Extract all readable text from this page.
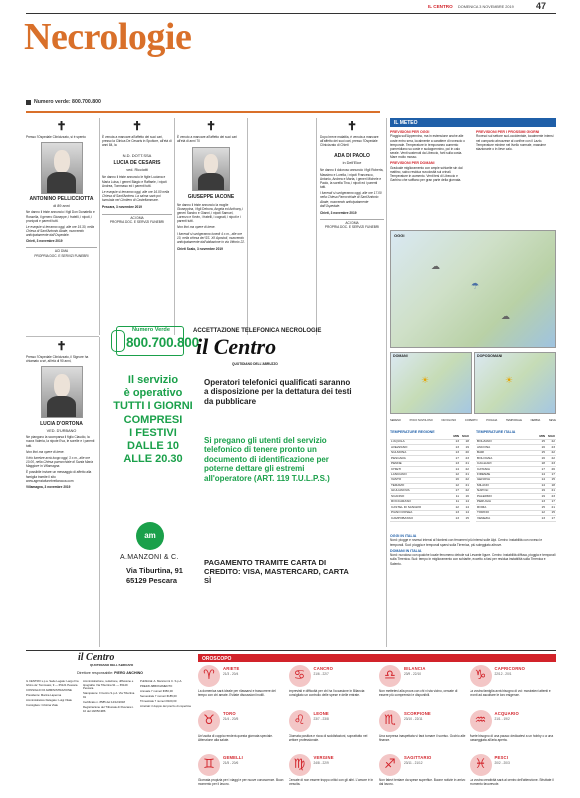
IL CENTRO DOMENICA 3 NOVEMBRE 2019 47
Necrologie
Numero verde: 800.700.800
✝
Presso l'Ospedale Clinicizzato, si è spento
ANTONINO PELLICCIOTTA
di 89 anni
Ne danno il triste annuncio i figli Don Donatello e Rossella, il genero Giuseppe, i fratelli, i nipoti, i pronipoti e parenti tutti.
Le esequie si terranno oggi, alle ore 15.30, nella Chiesa di Sant'Antonio Abate, muovendo anticipatamente dall'Ospedale.
Chieti, 3 novembre 2019
ACI DMA
PROPRIA DOC. E SERVIZI FUNEBRI
✝
È venuta a mancare all'affetto dei suoi cari, presso la Clinica De Cesaris in Spoltore, all'età di anni 84, la
N.D. DOTT.SSA
LUCIA DE CESARIS
ved. Ricciotti
Ne danno il triste annuncio le figlie Luciana e Maria Luisa, i generi Biagio e Raffaele, i nipoti Andrea, Tommaso ed i parenti tutti.
Le esequie si terranno oggi, alle ore 16.00 nella Chiesa di Sant'Andrea. La salma sarà poi tumulata nel Cimitero di Castellammare.
Pescara, 3 novembre 2019
ACI DMA
PROPRIA DOC. E SERVIZI FUNEBRI
✝
È venuto a mancare all'affetto dei suoi cari all'età di anni 70
GIUSEPPE IACONE
Ne danno il triste annuncio la moglie Giuseppina, i figli Debora, Angela ed Anthony, i generi Sandro e Gianni, i nipoti Samuel, Lorenzo e Kevin, i fratelli, i cognati, i nipoti e i parenti tutti.
Non fiori ma opere di bene.
I funerali si svolgeranno lunedì 4 c.m., alle ore 10, nella chiesa dei SS. XII Apostoli, muovendo anticipatamente dall'abitazione in via Vittorio 22.
Chieti Scalo, 3 novembre 2019
✝
Dopo breve malattia, è venuta a mancare all'affetto dei suoi cari, presso l'Ospedale Clinicizzato di Chieti
ADA DI PAOLO
in Dell'Elce
Ne danno il doloroso annuncio i figli Roberta, Massimo e Lorella, i nipoti Francesco, Antonio, Andrea e Marta, i generi Michele e Paolo, la sorella Tina, i nipoti ed i parenti tutti.
I funerali si svolgeranno oggi, alle ore 17.00 nella Chiesa Parrocchiale di Sant'Antonio Abate, muovendo anticipatamente dall'Ospedale.
Chieti, 3 novembre 2019
ACI DMA
PROPRIA DOC. E SERVIZI FUNEBRI
✝
Presso l'Ospedale Clinicizzato, il Signore ha chiamato a sé, all'età di 90 anni,
LUCIA D'ORTONA
VED. D'URBANO
Ne piangono la scomparsa il figlio Claudio, la nuora Valeria, la nipote Eva, le sorelle e i parenti tutti.
Non fiori ma opere di bene.
Il trio funebre avrà luogo oggi, 3 c.m., alle ore 10.00, nella Chiesa parrocchiale di Santa Maria Maggiore in Villamagna.
È possibile inviare un messaggio di affetto alla famiglia tramite il sito www.agenziafunebreilarocca.com
Villamagna, 3 novembre 2019
Numero Verde
800.700.800
ACCETTAZIONE TELEFONICA NECROLOGIE
il Centro
QUOTIDIANO DELL'ABRUZZO
Il servizio
è operativo
TUTTI I GIORNI
COMPRESI
I FESTIVI
DALLE 10
ALLE 20.30
Operatori telefonici qualificati saranno a disposizione per la dettatura dei testi da pubblicare
Si pregano gli utenti del servizio telefonico di tenere pronto un documento di identificazione per poterne dettare gli estremi all'operatore (ART. 119 T.U.L.P.S.)
am
A.MANZONI & C.
Via Tiburtina, 91
65129 Pescara
PAGAMENTO TRAMITE CARTA DI CREDITO: VISA, MASTERCARD, CARTA SÌ
IL METEO
PREVISIONI PER OGGI
Pioggia sull'Appennino, ma in estensione anche alle coste entro sera, localmente a carattere di rovescio o temporale. Temperature in temporaneo aumento pomeridiano su coste e sudappennino, poi in calo serale. Venti sostenuti da Libeccio, forti sulla costa. Mare molto mosso.
PREVISIONI PER DOMANI
Graduale miglioramento con ampie schiarite sin dal mattino, salvo residua nuvolosità sui crinali. Temperature in aumento. Venti tesi di Libeccio e Garbino che soffiano per gran parte della giornata.
PREVISIONI PER I PROSSIMI GIORNI
Rovesci sul settore sud-occidentale, localmente intensi nel comparto abruzzese al confine con il Lazio. Temperature minime nel livello normale, massime stazionarie o in lieve calo.
OGGI
☁
☂
☁
DOMANI
☀
DOPODOMANI
☀
SERENO	POCO NUVOLOSO	NUVOLOSO	COPERTO	PIOGGIA	TEMPORALE	NEBBIA	NEVE
TEMPERATURE REGIONE
	MIN	MAX
L'AQUILA	13	18
AVEZZANO	13	19
SULMONA	13	20
PESCARA	17	23
PENNE	13	21
CHIETI	14	22
LANCIANO	12	21
VASTO	16	22
TERAMO	12	21
GIULIANOVA	17	22
SCANNO	11	16
ROCCARASO	11	14
CASTEL DI SANGRO	12	14
PIANO ROSEA	13	14
CAMPOBASSO	13	15
TEMPERATURE ITALIA
	MIN	MAX
BOLZANO	15	22
ANCONA	16	23
BARI	15	22
BOLOGNA	16	22
CAGLIARI	18	23
CATANIA	17	26
FIRENZE	14	17
GENOVA	14	15
MILANO	14	18
NAPOLI	19	21
PALERMO	19	23
PERUGIA	13	17
ROMA	15	21
TORINO	12	15
VENEZIA	13	17
OGGI IN ITALIA
Nord: piogge e rovesci intensi al Nordest con fenomeni più intensi sulle Alpi. Centro: instabilità con rovesci e temporali. Sud: pioggia e temporali sparsi sulla Tirrenica, più soleggiato altrove.
DOMANI IN ITALIA
Nord: nuvoloso con qualche locale fenomeno debole sul Levante ligure. Centro: instabilità diffusa, pioggia e temporali sulla Tirrenica. Sud: tempo in miglioramento con schiarite, eccetto a fasi per residua instabilità sulla Tirrenica e Salento.
il Centro
QUOTIDIANO DELL'ABRUZZO
Direttore responsabile: PIERO ANCHINO
IL CENTRO s.p.a. Sede Legale: Largo Fra Ghino de' Tommassi, 9 — 65121 Pescara
CONSIGLIO DI AMMINISTRAZIONE
Presidente: Marina Lapenna
Amministratore Delegato: Luigi Vitale
Consigliere: Cristina Viale
Amministrazione, redazione, diffusione e tipografia: Via Tiburtina 91 — 65129 Pescara
Stampatore: Il Centro S.p.A. Via Tiburtina 91
Certificato n. 8585 del 14/12/2018
Registrazione del Tribunale di Pescara n. 10 del 19/05/1986
Pubblicità: A. Manzoni & C. S.p.A.
PREZZI ABBONAMENTO
Annuale 7 numeri €350,00
Semestrale 7 numeri €185,00
Trimestrale 7 numeri €100,00
Arretrati: il doppio del prezzo di copertina
OROSCOPO
♈	ARIETE
21/3 - 20/4
La domenica sarà ideale per rilassarsi e trascorrere del tempo con chi amate. Evitate discussioni inutili.
♋	CANCRO
21/6 - 22/7
Imprevisti e difficoltà per chi ha l'occasione in Bilancia: consigliato un controllo delle spese e delle entrate.
♎	BILANCIA
23/9 - 22/10
Non mettetevi alla prova con chi vi sta vicino, cercate di essere più comprensivi e disponibili.
♑	CAPRICORNO
22/12 - 20/1
La vostra famiglia avrà bisogno di voi: mostratevi attenti e pronti ad ascoltare le loro esigenze.
♉	TORO
21/4 - 20/5
Un'uscita di coppia renderà questa giornata speciale. Attenzione alla salute.
♌	LEONE
23/7 - 23/8
Giornata positiva e ricca di soddisfazioni, soprattutto nel settore professionale.
♏	SCORPIONE
23/10 - 22/11
Una sorpresa inaspettata vi farà tornare il sorriso. Occhio alle finanze.
♒	ACQUARIO
21/1 - 19/2
Avete bisogno di una pausa: dedicatevi a un hobby o a una passeggiata all'aria aperta.
♊	GEMELLI
21/5 - 20/6
Giornata propizia per i viaggi e per nuove conoscenze. Buon momento per il lavoro.
♍	VERGINE
24/8 - 22/9
Cercate di non essere troppo critici con gli altri. L'amore è in crescita.
♐	SAGITTARIO
23/11 - 21/12
Non fatevi tentare da spese superflue. Buone notizie in arrivo dal lavoro.
♓	PESCI
20/2 - 20/3
La vostra creatività sarà al centro dell'attenzione. Sfruttate il momento favorevole.
